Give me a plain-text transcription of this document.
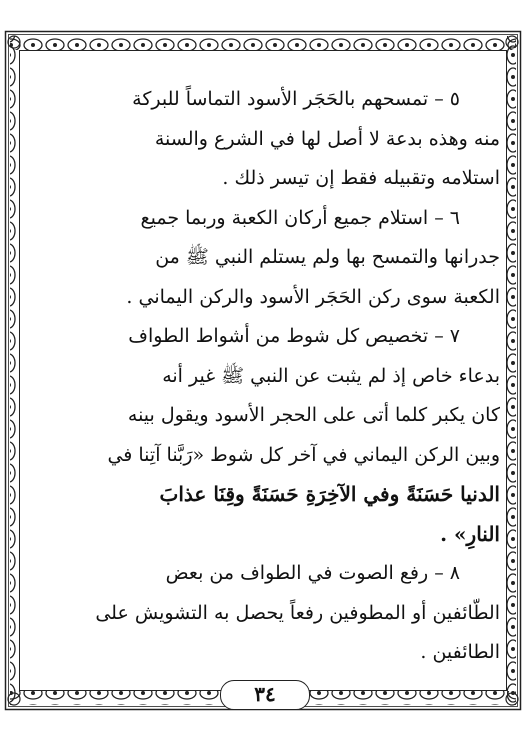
٥ – تمسحهم بالحَجَر الأسود التماساً للبركة
منه وهذه بدعة لا أصل لها في الشرع والسنة
استلامه وتقبيله فقط إن تيسر ذلك .
٦ – استلام جميع أركان الكعبة وربما جميع
جدرانها والتمسح بها ولم يستلم النبي ﷺ من
الكعبة سوى ركن الحَجَر الأسود والركن اليماني .
٧ – تخصيص كل شوط من أشواط الطواف
بدعاء خاص إذ لم يثبت عن النبي ﷺ غير أنه
كان يكبر كلما أتى على الحجر الأسود ويقول بينه
وبين الركن اليماني في آخر كل شوط «رَبَّنا آتِنا في
الدنيا حَسَنَةً وفي الآخِرَةِ حَسَنَةً وقِنَا عذابَ
النارِ» .
٨ – رفع الصوت في الطواف من بعض
الطّائفين أو المطوفين رفعاً يحصل به التشويش على
الطائفين .
٣٤
